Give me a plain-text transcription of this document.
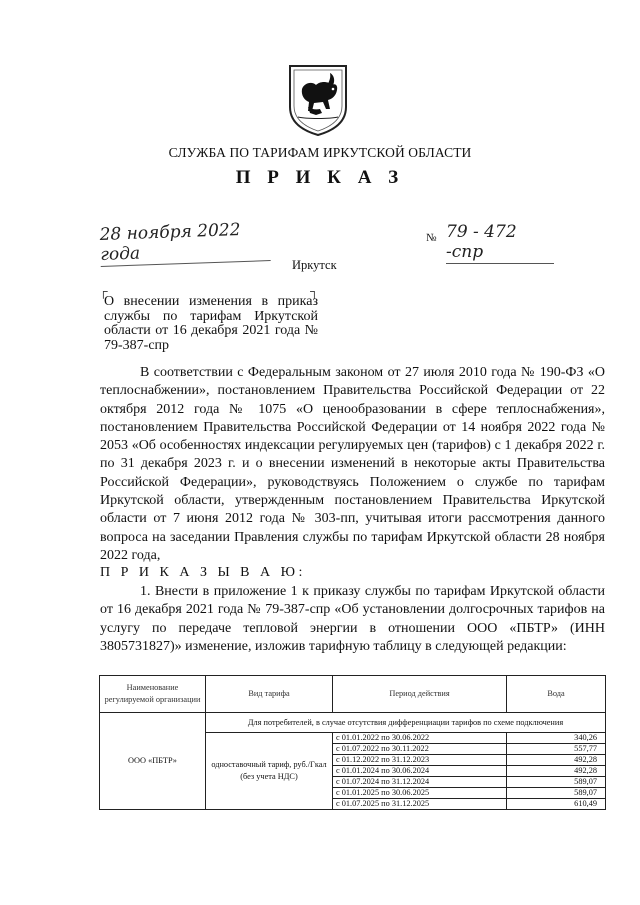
СЛУЖБА ПО ТАРИФАМ ИРКУТСКОЙ ОБЛАСТИ
П Р И К А З
28 ноября 2022 года
№ 79 - 472 -спр
Иркутск
┌	┐
О внесении изменения в приказ службы по тарифам Иркутской области от 16 декабря 2021 года № 79-387-спр
В соответствии с Федеральным законом от 27 июля 2010 года № 190-ФЗ «О теплоснабжении», постановлением Правительства Российской Федерации от 22 октября 2012 года № 1075 «О ценообразовании в сфере теплоснабжения», постановлением Правительства Российской Федерации от 14 ноября 2022 года № 2053 «Об особенностях индексации регулируемых цен (тарифов) с 1 декабря 2022 г. по 31 декабря 2023 г. и о внесении изменений в некоторые акты Правительства Российской Федерации», руководствуясь Положением о службе по тарифам Иркутской области, утвержденным постановлением Правительства Иркутской области от 7 июня 2012 года № 303-пп, учитывая итоги рассмотрения данного вопроса на заседании Правления службы по тарифам Иркутской области 28 ноября 2022 года,
П Р И К А З Ы В А Ю:
1. Внести в приложение 1 к приказу службы по тарифам Иркутской области от 16 декабря 2021 года № 79-387-спр «Об установлении долгосрочных тарифов на услугу по передаче тепловой энергии в отношении ООО «ПБТР» (ИНН 3805731827)» изменение, изложив тарифную таблицу в следующей редакции:
Наименование регулируемой организации	Вид тарифа	Период действия	Вода
ООО «ПБТР»	Для потребителей, в случае отсутствия дифференциации тарифов по схеме подключения		
	одноставочный тариф, руб./Гкал (без учета НДС)	с 01.01.2022 по 30.06.2022	340,26
		с 01.07.2022 по 30.11.2022	557,77
		с 01.12.2022 по 31.12.2023	492,28
		с 01.01.2024 по 30.06.2024	492,28
		с 01.07.2024 по 31.12.2024	589,07
		с 01.01.2025 по 30.06.2025	589,07
		с 01.07.2025 по 31.12.2025	610,49
